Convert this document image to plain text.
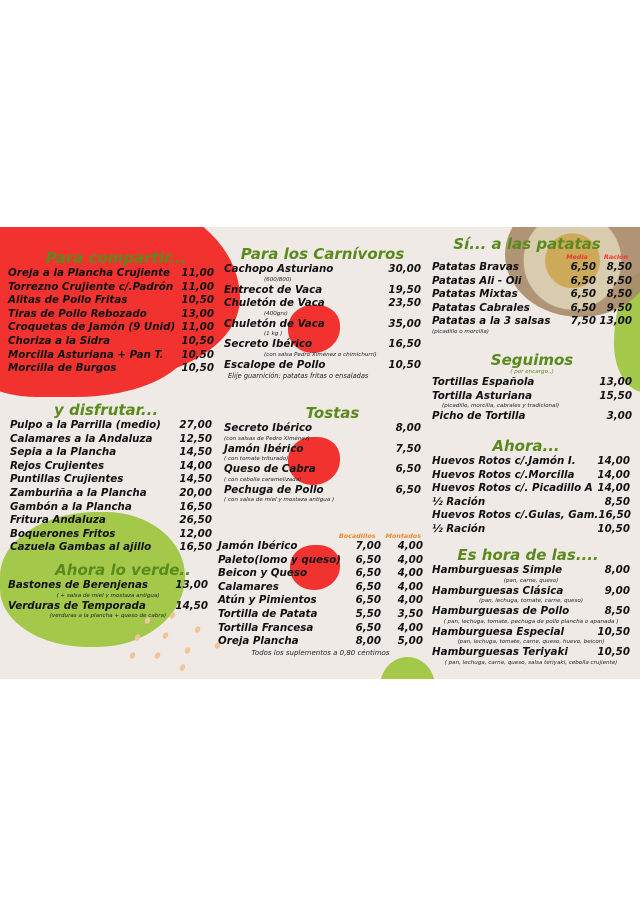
Para compartir...
Oreja a la Plancha Crujiente 11,00
Torrezno Crujiente c/.Padrón 11,00
Alitas de Pollo Fritas	10,50
Tiras de Pollo Rebozado	13,00
Croquetas de Jamón (9 Unid) 11,00
Choriza a la Sidra	10,50
Morcilla Asturiana + Pan T. 10,50
Morcilla de Burgos	10,50
y disfrutar...
Pulpo a la Parrilla (medio) 27,00
Calamares a la Andaluza	12,50
Sepia a la Plancha	14,50
Rejos Crujientes	14,00
Puntillas Crujientes	14,50
Zamburiña a la Plancha	20,00
Gambón a la Plancha	16,50
Fritura Andaluza	26,50
Boquerones Fritos	12,00
Cazuela Gambas al ajillo	16,50
Ahora lo verde..
Bastones de Berenjenas	13,00
( + salsa de miel y mostaza antigua)
Verduras de Temporada	14,50
(verduras a la plancha + queso de cabra)
Para los Carnívoros
Cachopo Asturiano	30,00
(600/800)
Entrecot de Vaca	19,50
Chuletón de Vaca	23,50
(400grs)
Chuletón de Vaca	35,00
(1 kg )
Secreto Ibérico	16,50
(con salsa Pedro Ximénez o chimichurri)
Escalope de Pollo	10,50
Elije guarnición: patatas fritas o ensaladas
Tostas
Secreto Ibérico	8,00
(con salsas de Pedro Ximénez)
Jamón Ibérico	7,50
( con tomate triturado)
Queso de Cabra	6,50
( con cebolla caramelizada)
Pechuga de Pollo	6,50
( con salsa de miel y mostaza antigua )
Bocadillos Montados
Jamón Ibérico	7,00	4,00
Paleto(lomo y queso)	6,50	4,00
Beicon y Queso	6,50	4,00
Calamares	6,50	4,00
Atún y Pimientos	6,50	4,00
Tortilla de Patata	5,50	3,50
Tortilla Francesa	6,50	4,00
Oreja Plancha	8,00	5,00
Todos los suplementos a 0,80 céntimos
Sí... a las patatas
Media	Ración
Patatas Bravas	6,50	8,50
Patatas Ali - Oli	6,50	8,50
Patatas Mixtas	6,50	8,50
Patatas Cabrales	6,50	9,50
Patatas a la 3 salsas	7,50 13,00
(picadillo o morcilla)
Seguimos
( por encargo..)
Tortillas Española	13,00
Tortilla Asturiana	15,50
(picadillo, morcilla, cabrales y tradicional)
Picho de Tortilla	3,00
Ahora...
Huevos Rotos c/.Jamón I. 14,00
Huevos Rotos c/.Morcilla 14,00
Huevos Rotos c/. Picadillo A 14,00
½ Ración	8,50
Huevos Rotos c/.Gulas, Gam. 16,50
½ Ración	10,50
Es hora de las....
Hamburguesas Simple	8,00
(pan, carne, queso)
Hamburguesas Clásica	9,00
(pan, lechuga, tomate, carne, queso)
Hamburguesas de Pollo	8,50
( pan, lechuga, tomate, pechuga de pollo plancha o apanada )
Hamburguesa Especial	10,50
(pan, lechuga, tomate, carne, queso, huevo, beicon)
Hamburguesas Teriyaki	10,50
( pan, lechuga, carne, queso, salsa teriyaki, cebolla crujiente)
